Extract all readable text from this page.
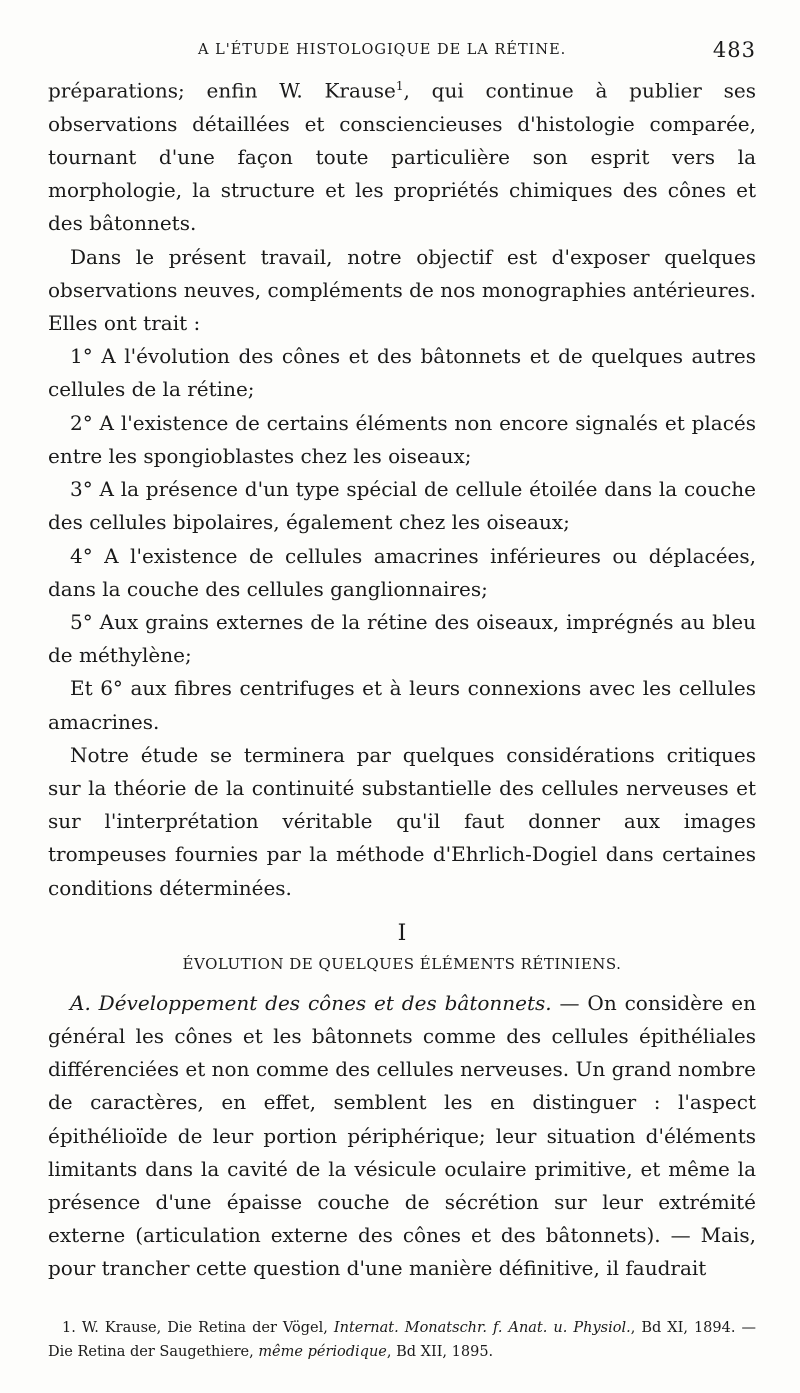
A L'ÉTUDE HISTOLOGIQUE DE LA RÉTINE.	483

préparations; enfin W. Krause$^1$, qui continue à publier ses observations détaillées et consciencieuses d'histologie comparée, tournant d'une façon toute particulière son esprit vers la morphologie, la structure et les propriétés chimiques des cônes et des bâtonnets.

Dans le présent travail, notre objectif est d'exposer quelques observations neuves, compléments de nos monographies antérieures. Elles ont trait :

1° A l'évolution des cônes et des bâtonnets et de quelques autres cellules de la rétine;

2° A l'existence de certains éléments non encore signalés et placés entre les spongioblastes chez les oiseaux;

3° A la présence d'un type spécial de cellule étoilée dans la couche des cellules bipolaires, également chez les oiseaux;

4° A l'existence de cellules amacrines inférieures ou déplacées, dans la couche des cellules ganglionnaires;

5° Aux grains externes de la rétine des oiseaux, imprégnés au bleu de méthylène;

Et 6° aux fibres centrifuges et à leurs connexions avec les cellules amacrines.

Notre étude se terminera par quelques considérations critiques sur la théorie de la continuité substantielle des cellules nerveuses et sur l'interprétation véritable qu'il faut donner aux images trompeuses fournies par la méthode d'Ehrlich-Dogiel dans certaines conditions déterminées.

I

ÉVOLUTION DE QUELQUES ÉLÉMENTS RÉTINIENS.

A. Développement des cônes et des bâtonnets. — On considère en général les cônes et les bâtonnets comme des cellules épithéliales différenciées et non comme des cellules nerveuses. Un grand nombre de caractères, en effet, semblent les en distinguer : l'aspect épithélioïde de leur portion périphérique; leur situation d'éléments limitants dans la cavité de la vésicule oculaire primitive, et même la présence d'une épaisse couche de sécrétion sur leur extrémité externe (articulation externe des cônes et des bâtonnets). — Mais, pour trancher cette question d'une manière définitive, il faudrait

1. W. Krause, Die Retina der Vögel, Internat. Monatschr. f. Anat. u. Physiol., Bd XI, 1894. — Die Retina der Saugethiere, même périodique, Bd XII, 1895.
